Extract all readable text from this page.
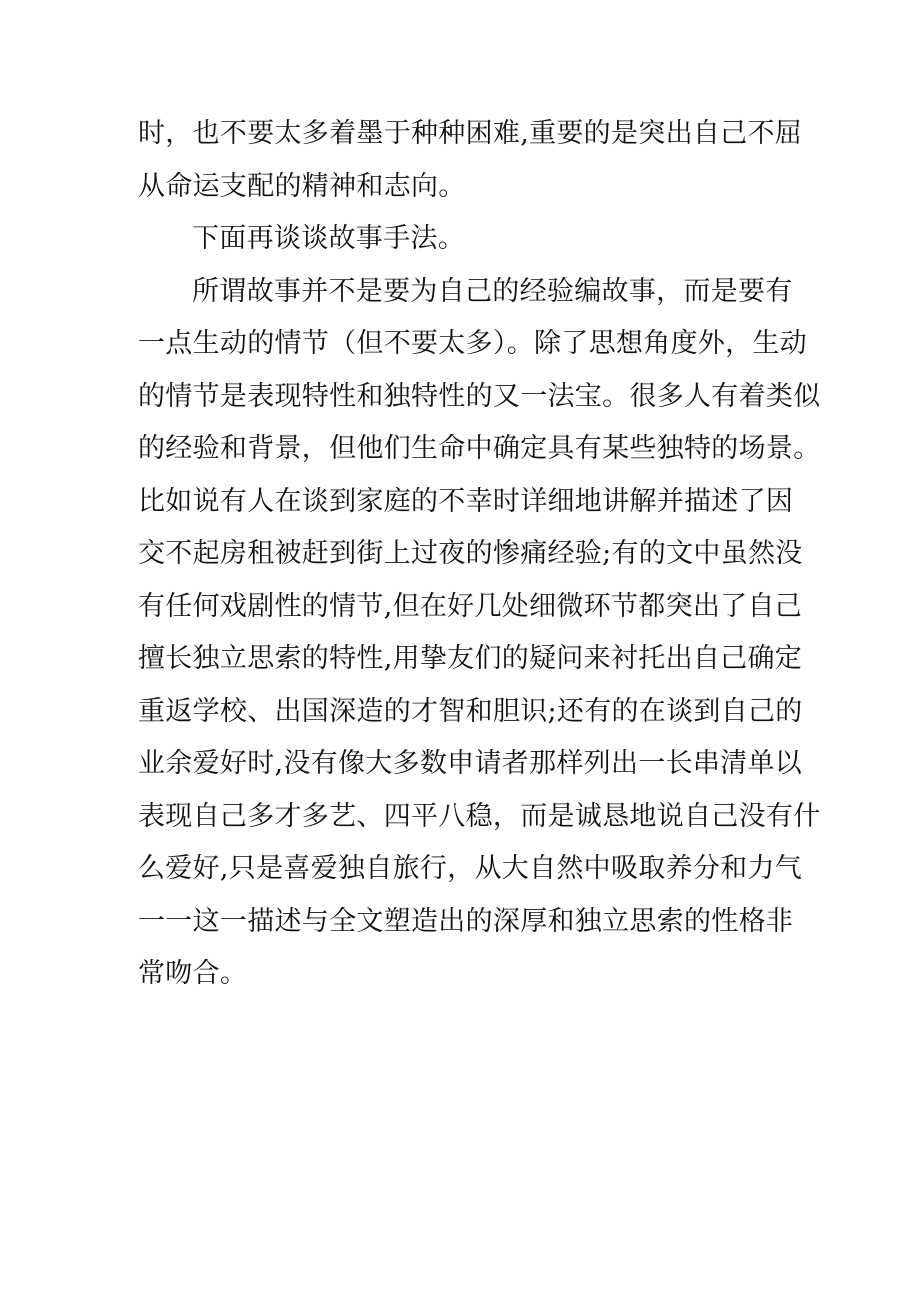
时，也不要太多着墨于种种困难,重要的是突出自己不屈
从命运支配的精神和志向。
下面再谈谈故事手法。
所谓故事并不是要为自己的经验编故事，而是要有
一点生动的情节（但不要太多）。除了思想角度外，生动
的情节是表现特性和独特性的又一法宝。很多人有着类似
的经验和背景，但他们生命中确定具有某些独特的场景。
比如说有人在谈到家庭的不幸时详细地讲解并描述了因
交不起房租被赶到街上过夜的惨痛经验;有的文中虽然没
有任何戏剧性的情节,但在好几处细微环节都突出了自己
擅长独立思索的特性,用挚友们的疑问来衬托出自己确定
重返学校、出国深造的才智和胆识;还有的在谈到自己的
业余爱好时,没有像大多数申请者那样列出一长串清单以
表现自己多才多艺、四平八稳，而是诚恳地说自己没有什
么爱好,只是喜爱独自旅行，从大自然中吸取养分和力气
一一这一描述与全文塑造出的深厚和独立思索的性格非
常吻合。
